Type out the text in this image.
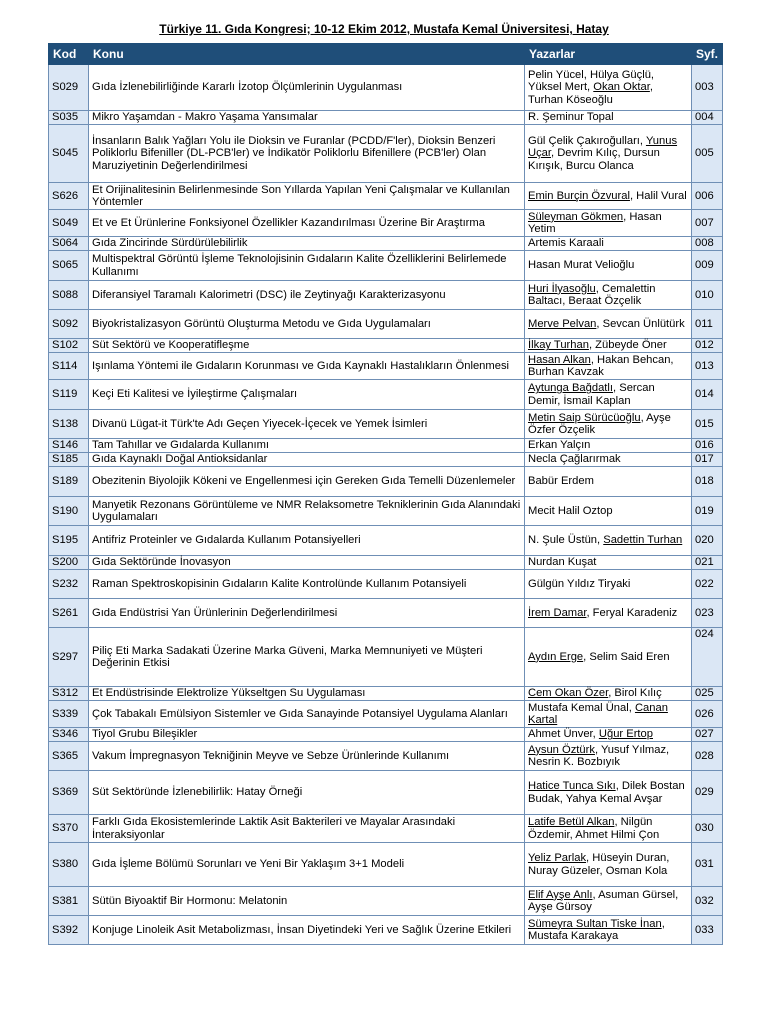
Türkiye 11. Gıda Kongresi; 10-12 Ekim 2012, Mustafa Kemal Üniversitesi, Hatay
Kod	Konu	Yazarlar	Syf.
S029	Gıda İzlenebilirliğinde Kararlı İzotop Ölçümlerinin Uygulanması	Pelin Yücel, Hülya Güçlü, Yüksel Mert, Okan Oktar, Turhan Köseoğlu	003
S035	Mikro Yaşamdan - Makro Yaşama Yansımalar	R. Şeminur Topal	004
S045	İnsanların Balık Yağları Yolu ile Dioksin ve Furanlar (PCDD/F'ler), Dioksin Benzeri Poliklorlu Bifeniller (DL-PCB'ler) ve İndikatör Poliklorlu Bifenillere (PCB'ler) Olan Maruziyetinin Değerlendirilmesi	Gül Çelik Çakıroğulları, Yunus Uçar, Devrim Kılıç, Dursun Kırışık, Burcu Olanca	005
S626	Et Orijinalitesinin Belirlenmesinde Son Yıllarda Yapılan Yeni Çalışmalar ve Kullanılan Yöntemler	Emin Burçin Özvural, Halil Vural	006
S049	Et ve Et Ürünlerine Fonksiyonel Özellikler Kazandırılması Üzerine Bir Araştırma	Süleyman Gökmen, Hasan Yetim	007
S064	Gıda Zincirinde Sürdürülebilirlik	Artemis Karaali	008
S065	Multispektral Görüntü İşleme Teknolojisinin Gıdaların Kalite Özelliklerini Belirlemede Kullanımı	Hasan Murat Velioğlu	009
S088	Diferansiyel Taramalı Kalorimetri (DSC) ile Zeytinyağı Karakterizasyonu	Huri İlyasoğlu, Cemalettin Baltacı, Beraat Özçelik	010
S092	Biyokristalizasyon Görüntü Oluşturma Metodu ve Gıda Uygulamaları	Merve Pelvan, Sevcan Ünlütürk	011
S102	Süt Sektörü ve Kooperatifleşme	İlkay Turhan, Zübeyde Öner	012
S114	Işınlama Yöntemi ile Gıdaların Korunması ve Gıda Kaynaklı Hastalıkların Önlenmesi	Hasan Alkan, Hakan Behcan, Burhan Kavzak	013
S119	Keçi Eti Kalitesi ve İyileştirme Çalışmaları	Aytunga Bağdatlı, Sercan Demir, İsmail Kaplan	014
S138	Divanü Lügat-it Türk'te Adı Geçen Yiyecek-İçecek ve Yemek İsimleri	Metin Saip Sürücüoğlu, Ayşe Özfer Özçelik	015
S146	Tam Tahıllar ve Gıdalarda Kullanımı	Erkan Yalçın	016
S185	Gıda Kaynaklı Doğal Antioksidanlar	Necla Çağlarırmak	017
S189	Obezitenin Biyolojik Kökeni ve Engellenmesi için Gereken Gıda Temelli Düzenlemeler	Babür Erdem	018
S190	Manyetik Rezonans Görüntüleme ve NMR Relaksometre Tekniklerinin Gıda Alanındaki Uygulamaları	Mecit Halil Oztop	019
S195	Antifriz Proteinler ve Gıdalarda Kullanım Potansiyelleri	N. Şule Üstün, Sadettin Turhan	020
S200	Gıda Sektöründe İnovasyon	Nurdan Kuşat	021
S232	Raman Spektroskopisinin Gıdaların Kalite Kontrolünde Kullanım Potansiyeli	Gülgün Yıldız Tiryaki	022
S261	Gıda Endüstrisi Yan Ürünlerinin Değerlendirilmesi	İrem Damar, Feryal Karadeniz	023
S297	Piliç Eti Marka Sadakati Üzerine Marka Güveni, Marka Memnuniyeti ve Müşteri Değerinin Etkisi	Aydın Erge, Selim Said Eren	024
S312	Et Endüstrisinde Elektrolize Yükseltgen Su Uygulaması	Cem Okan Özer, Birol Kılıç	025
S339	Çok Tabakalı Emülsiyon Sistemler ve Gıda Sanayinde Potansiyel Uygulama Alanları	Mustafa Kemal Ünal, Canan Kartal	026
S346	Tiyol Grubu Bileşikler	Ahmet Ünver, Uğur Ertop	027
S365	Vakum İmpregnasyon Tekniğinin Meyve ve Sebze Ürünlerinde Kullanımı	Aysun Öztürk, Yusuf Yılmaz, Nesrin K. Bozbıyık	028
S369	Süt Sektöründe İzlenebilirlik: Hatay Örneği	Hatice Tunca Sıkı, Dilek Bostan Budak, Yahya Kemal Avşar	029
S370	Farklı Gıda Ekosistemlerinde Laktik Asit Bakterileri ve Mayalar Arasındaki İnteraksiyonlar	Latife Betül Alkan, Nilgün Özdemir, Ahmet Hilmi Çon	030
S380	Gıda İşleme Bölümü Sorunları ve Yeni Bir Yaklaşım 3+1 Modeli	Yeliz Parlak, Hüseyin Duran, Nuray Güzeler, Osman Kola	031
S381	Sütün Biyoaktif Bir Hormonu: Melatonin	Elif Ayşe Anlı, Asuman Gürsel, Ayşe Gürsoy	032
S392	Konjuge Linoleik Asit Metabolizması, İnsan Diyetindeki Yeri ve Sağlık Üzerine Etkileri	Sümeyra Sultan Tiske İnan, Mustafa Karakaya	033
